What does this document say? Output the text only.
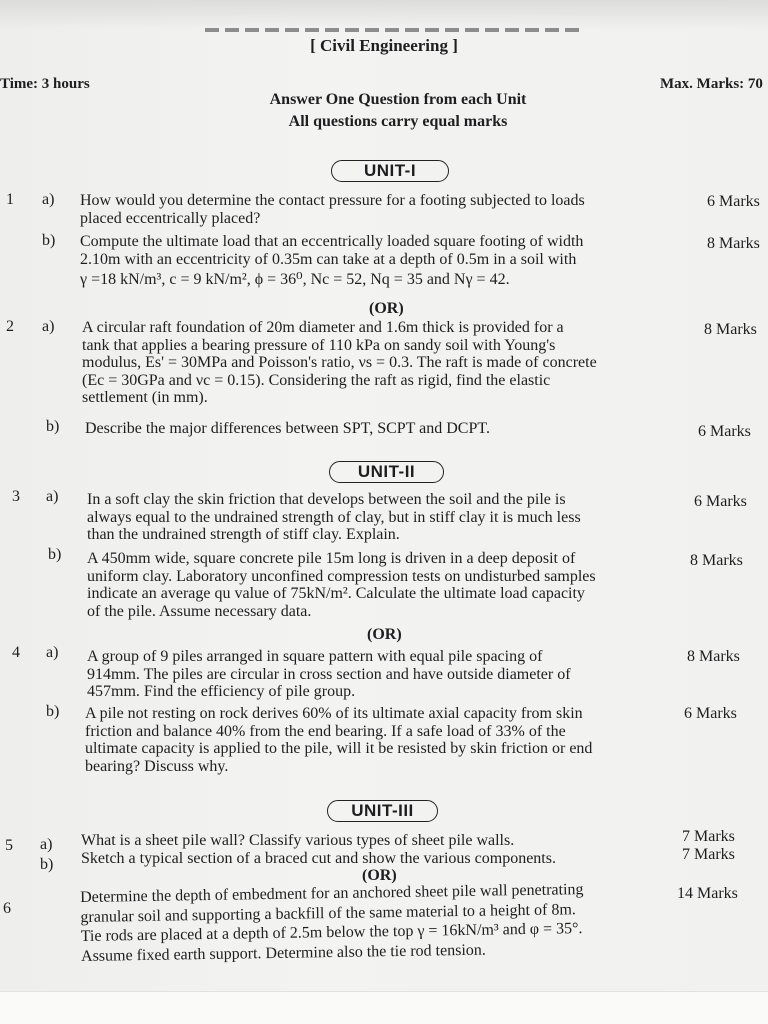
[ Civil Engineering ]
Time: 3 hours	Max. Marks: 70
Answer One Question from each Unit
All questions carry equal marks
UNIT-I
1 a) How would you determine the contact pressure for a footing subjected to loads
placed eccentrically placed?
6 Marks
b) Compute the ultimate load that an eccentrically loaded square footing of width
2.10m with an eccentricity of 0.35m can take at a depth of 0.5m in a soil with
γ =18 kN/m³, c = 9 kN/m², ϕ = 36⁰, Nc = 52, Nq = 35 and Nγ = 42.
8 Marks
(OR)
2 a) A circular raft foundation of 20m diameter and 1.6m thick is provided for a
tank that applies a bearing pressure of 110 kPa on sandy soil with Young's
modulus, Es' = 30MPa and Poisson's ratio, νs = 0.3. The raft is made of concrete
(Ec = 30GPa and νc = 0.15). Considering the raft as rigid, find the elastic
settlement (in mm).
8 Marks
b) Describe the major differences between SPT, SCPT and DCPT.	6 Marks
UNIT-II
3 a) In a soft clay the skin friction that develops between the soil and the pile is
always equal to the undrained strength of clay, but in stiff clay it is much less
than the undrained strength of stiff clay. Explain.
6 Marks
b) A 450mm wide, square concrete pile 15m long is driven in a deep deposit of
uniform clay. Laboratory unconfined compression tests on undisturbed samples
indicate an average qu value of 75kN/m². Calculate the ultimate load capacity
of the pile. Assume necessary data.
8 Marks
(OR)
4 a) A group of 9 piles arranged in square pattern with equal pile spacing of
914mm. The piles are circular in cross section and have outside diameter of
457mm. Find the efficiency of pile group.
8 Marks
b) A pile not resting on rock derives 60% of its ultimate axial capacity from skin
friction and balance 40% from the end bearing. If a safe load of 33% of the
ultimate capacity is applied to the pile, will it be resisted by skin friction or end
bearing? Discuss why.
6 Marks
UNIT-III
5 a) What is a sheet pile wall? Classify various types of sheet pile walls.	7 Marks
b) Sketch a typical section of a braced cut and show the various components.	7 Marks
(OR)
6
Determine the depth of embedment for an anchored sheet pile wall penetrating
granular soil and supporting a backfill of the same material to a height of 8m.
Tie rods are placed at a depth of 2.5m below the top γ = 16kN/m³ and φ = 35°.
Assume fixed earth support. Determine also the tie rod tension.
14 Marks
